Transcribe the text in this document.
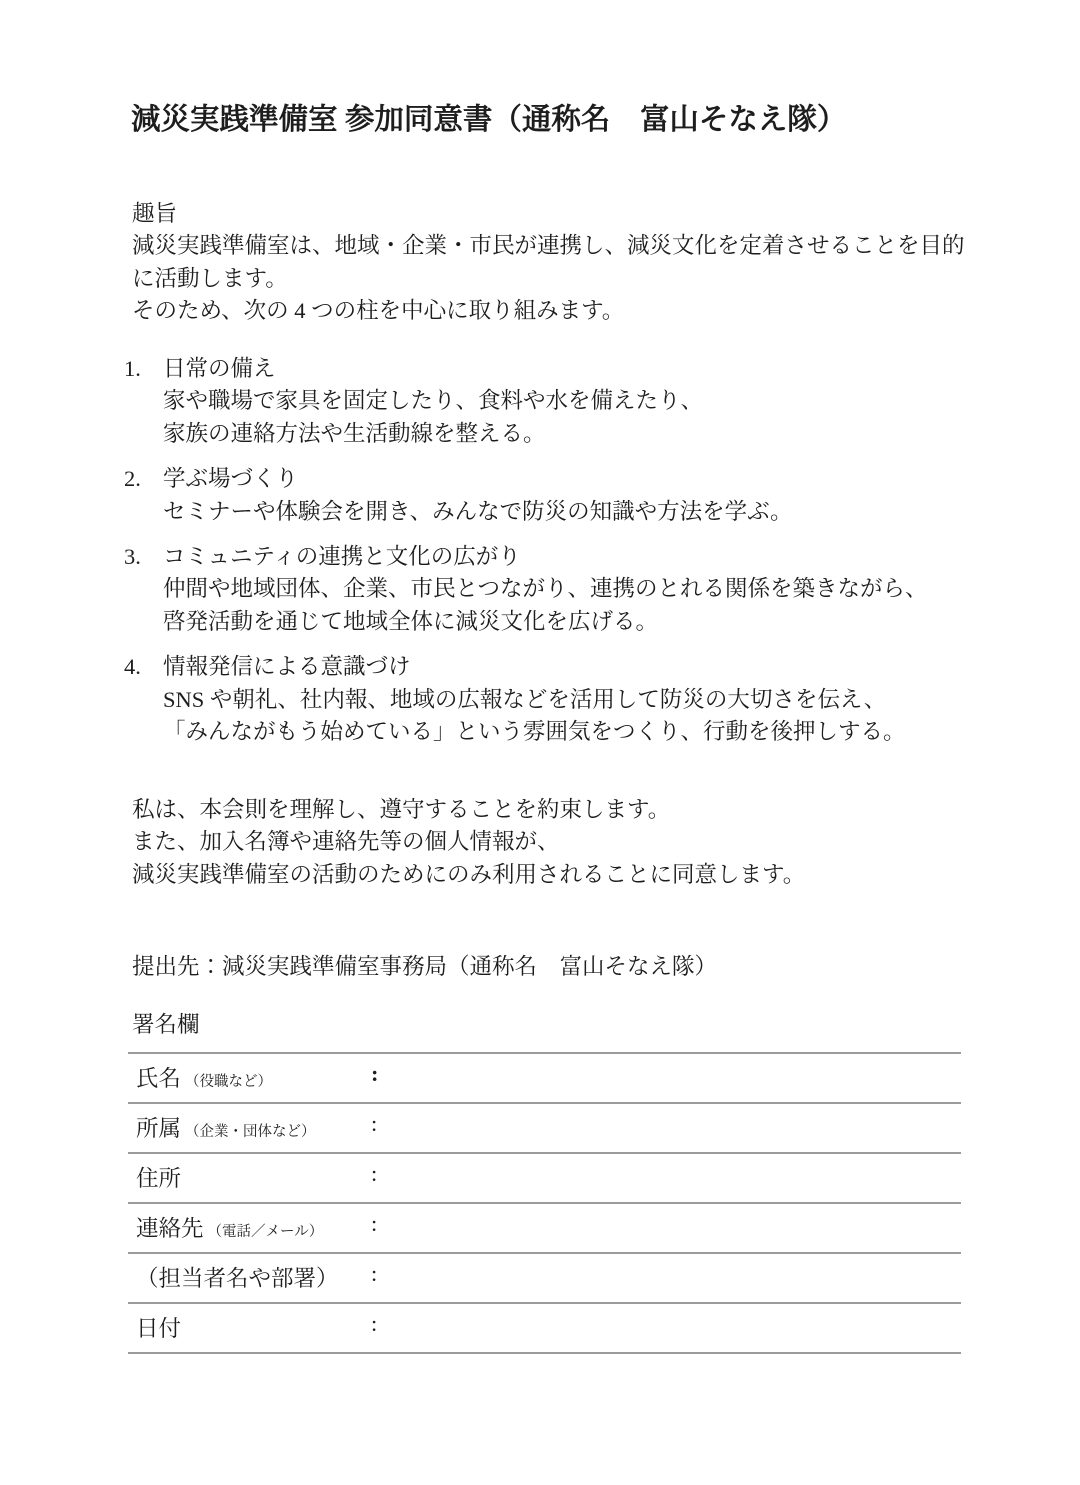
減災実践準備室 参加同意書（通称名　富山そなえ隊）
趣旨
減災実践準備室は、地域・企業・市民が連携し、減災文化を定着させることを目的
に活動します。
そのため、次の 4 つの柱を中心に取り組みます。
1. 日常の備え
家や職場で家具を固定したり、食料や水を備えたり、
家族の連絡方法や生活動線を整える。
2. 学ぶ場づくり
セミナーや体験会を開き、みんなで防災の知識や方法を学ぶ。
3. コミュニティの連携と文化の広がり
仲間や地域団体、企業、市民とつながり、連携のとれる関係を築きながら、
啓発活動を通じて地域全体に減災文化を広げる。
4. 情報発信による意識づけ
SNS や朝礼、社内報、地域の広報などを活用して防災の大切さを伝え、
「みんながもう始めている」という雰囲気をつくり、行動を後押しする。
私は、本会則を理解し、遵守することを約束します。
また、加入名簿や連絡先等の個人情報が、
減災実践準備室の活動のためにのみ利用されることに同意します。
提出先：減災実践準備室事務局（通称名　富山そなえ隊）
署名欄
氏名 （役職など）	:
所属 （企業・団体など） :
住所	:
連絡先 （電話／メール） :
（担当者名や部署） :
日付	:
